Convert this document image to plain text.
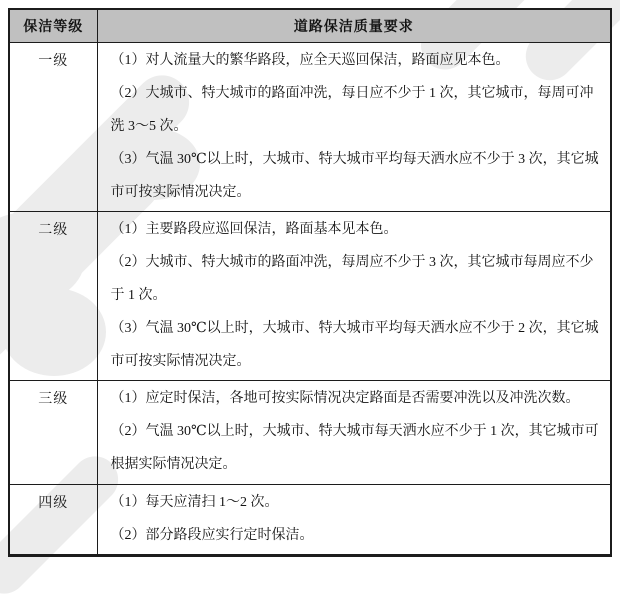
保洁等级	道路保洁质量要求
一级	（1）对人流量大的繁华路段，应全天巡回保洁，路面应见本色。

（2）大城市、特大城市的路面冲洗，每日应不少于 1 次，其它城市，每周可冲洗 3～5 次。

（3）气温 30℃以上时，大城市、特大城市平均每天洒水应不少于 3 次，其它城市可按实际情况决定。

二级	（1）主要路段应巡回保洁，路面基本见本色。

（2）大城市、特大城市的路面冲洗，每周应不少于 3 次，其它城市每周应不少于 1 次。

（3）气温 30℃以上时，大城市、特大城市平均每天洒水应不少于 2 次，其它城市可按实际情况决定。

三级	（1）应定时保洁，各地可按实际情况决定路面是否需要冲洗以及冲洗次数。

（2）气温 30℃以上时，大城市、特大城市每天洒水应不少于 1 次，其它城市可根据实际情况决定。

四级	（1）每天应清扫 1～2 次。

（2）部分路段应实行定时保洁。
